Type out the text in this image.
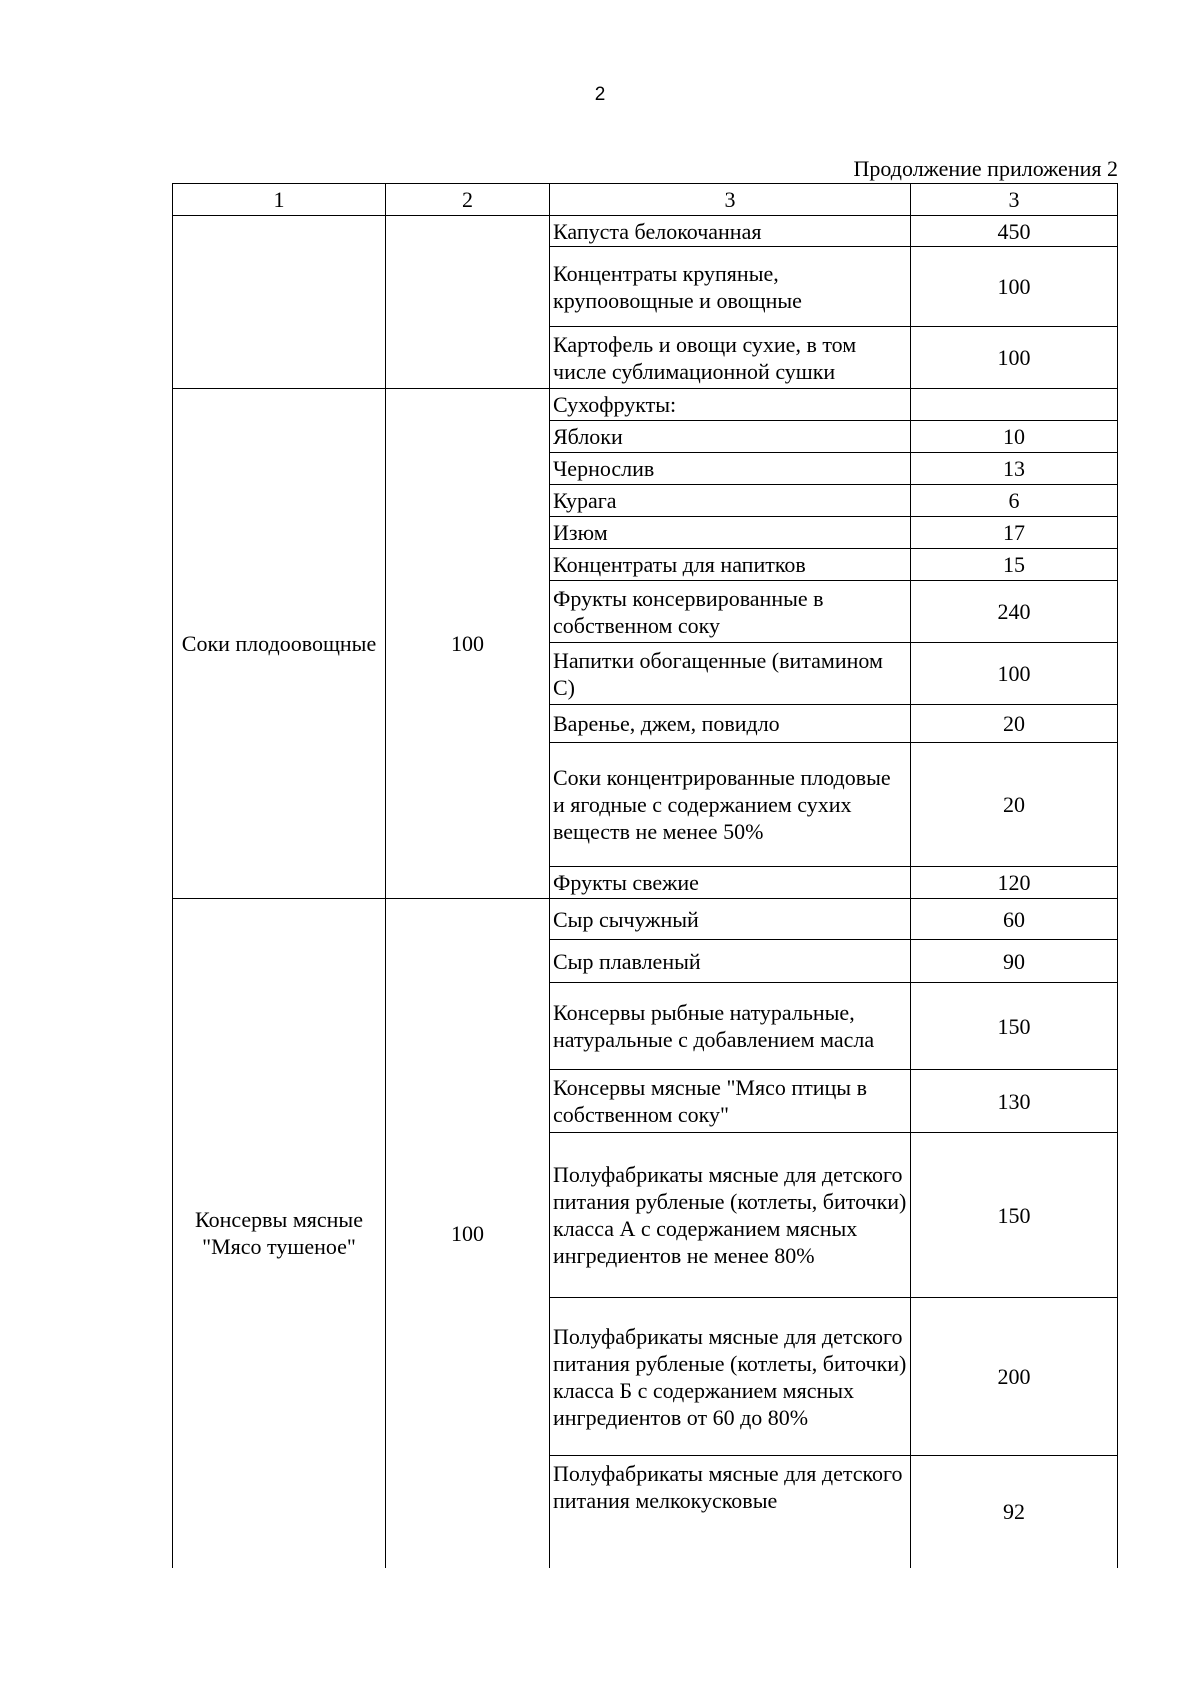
2
Продолжение приложения 2
1	2	3	3
		Капуста белокочанная	450
		Концентраты крупяные, крупоовощные и овощные	100
		Картофель и овощи сухие, в том числе сублимационной сушки	100
Соки плодоовощные	100	Сухофрукты:	
		Яблоки	10
		Чернослив	13
		Курага	6
		Изюм	17
		Концентраты для напитков	15
		Фрукты консервированные в собственном соку	240
		Напитки обогащенные (витамином С)	100
		Варенье, джем, повидло	20
		Соки концентрированные плодовые и ягодные с содержанием сухих веществ не менее 50%	20
		Фрукты свежие	120
Консервы мясные "Мясо тушеное"	100	Сыр сычужный	60
		Сыр плавленый	90
		Консервы рыбные натуральные, натуральные с добавлением масла	150
		Консервы мясные "Мясо птицы в собственном соку"	130
		Полуфабрикаты мясные для детского питания рубленые (котлеты, биточки) класса А с содержанием мясных ингредиентов не менее 80%	150
		Полуфабрикаты мясные для детского питания рубленые (котлеты, биточки) класса Б с содержанием мясных ингредиентов от 60 до 80%	200
		Полуфабрикаты мясные для детского питания мелкокусковые	92
